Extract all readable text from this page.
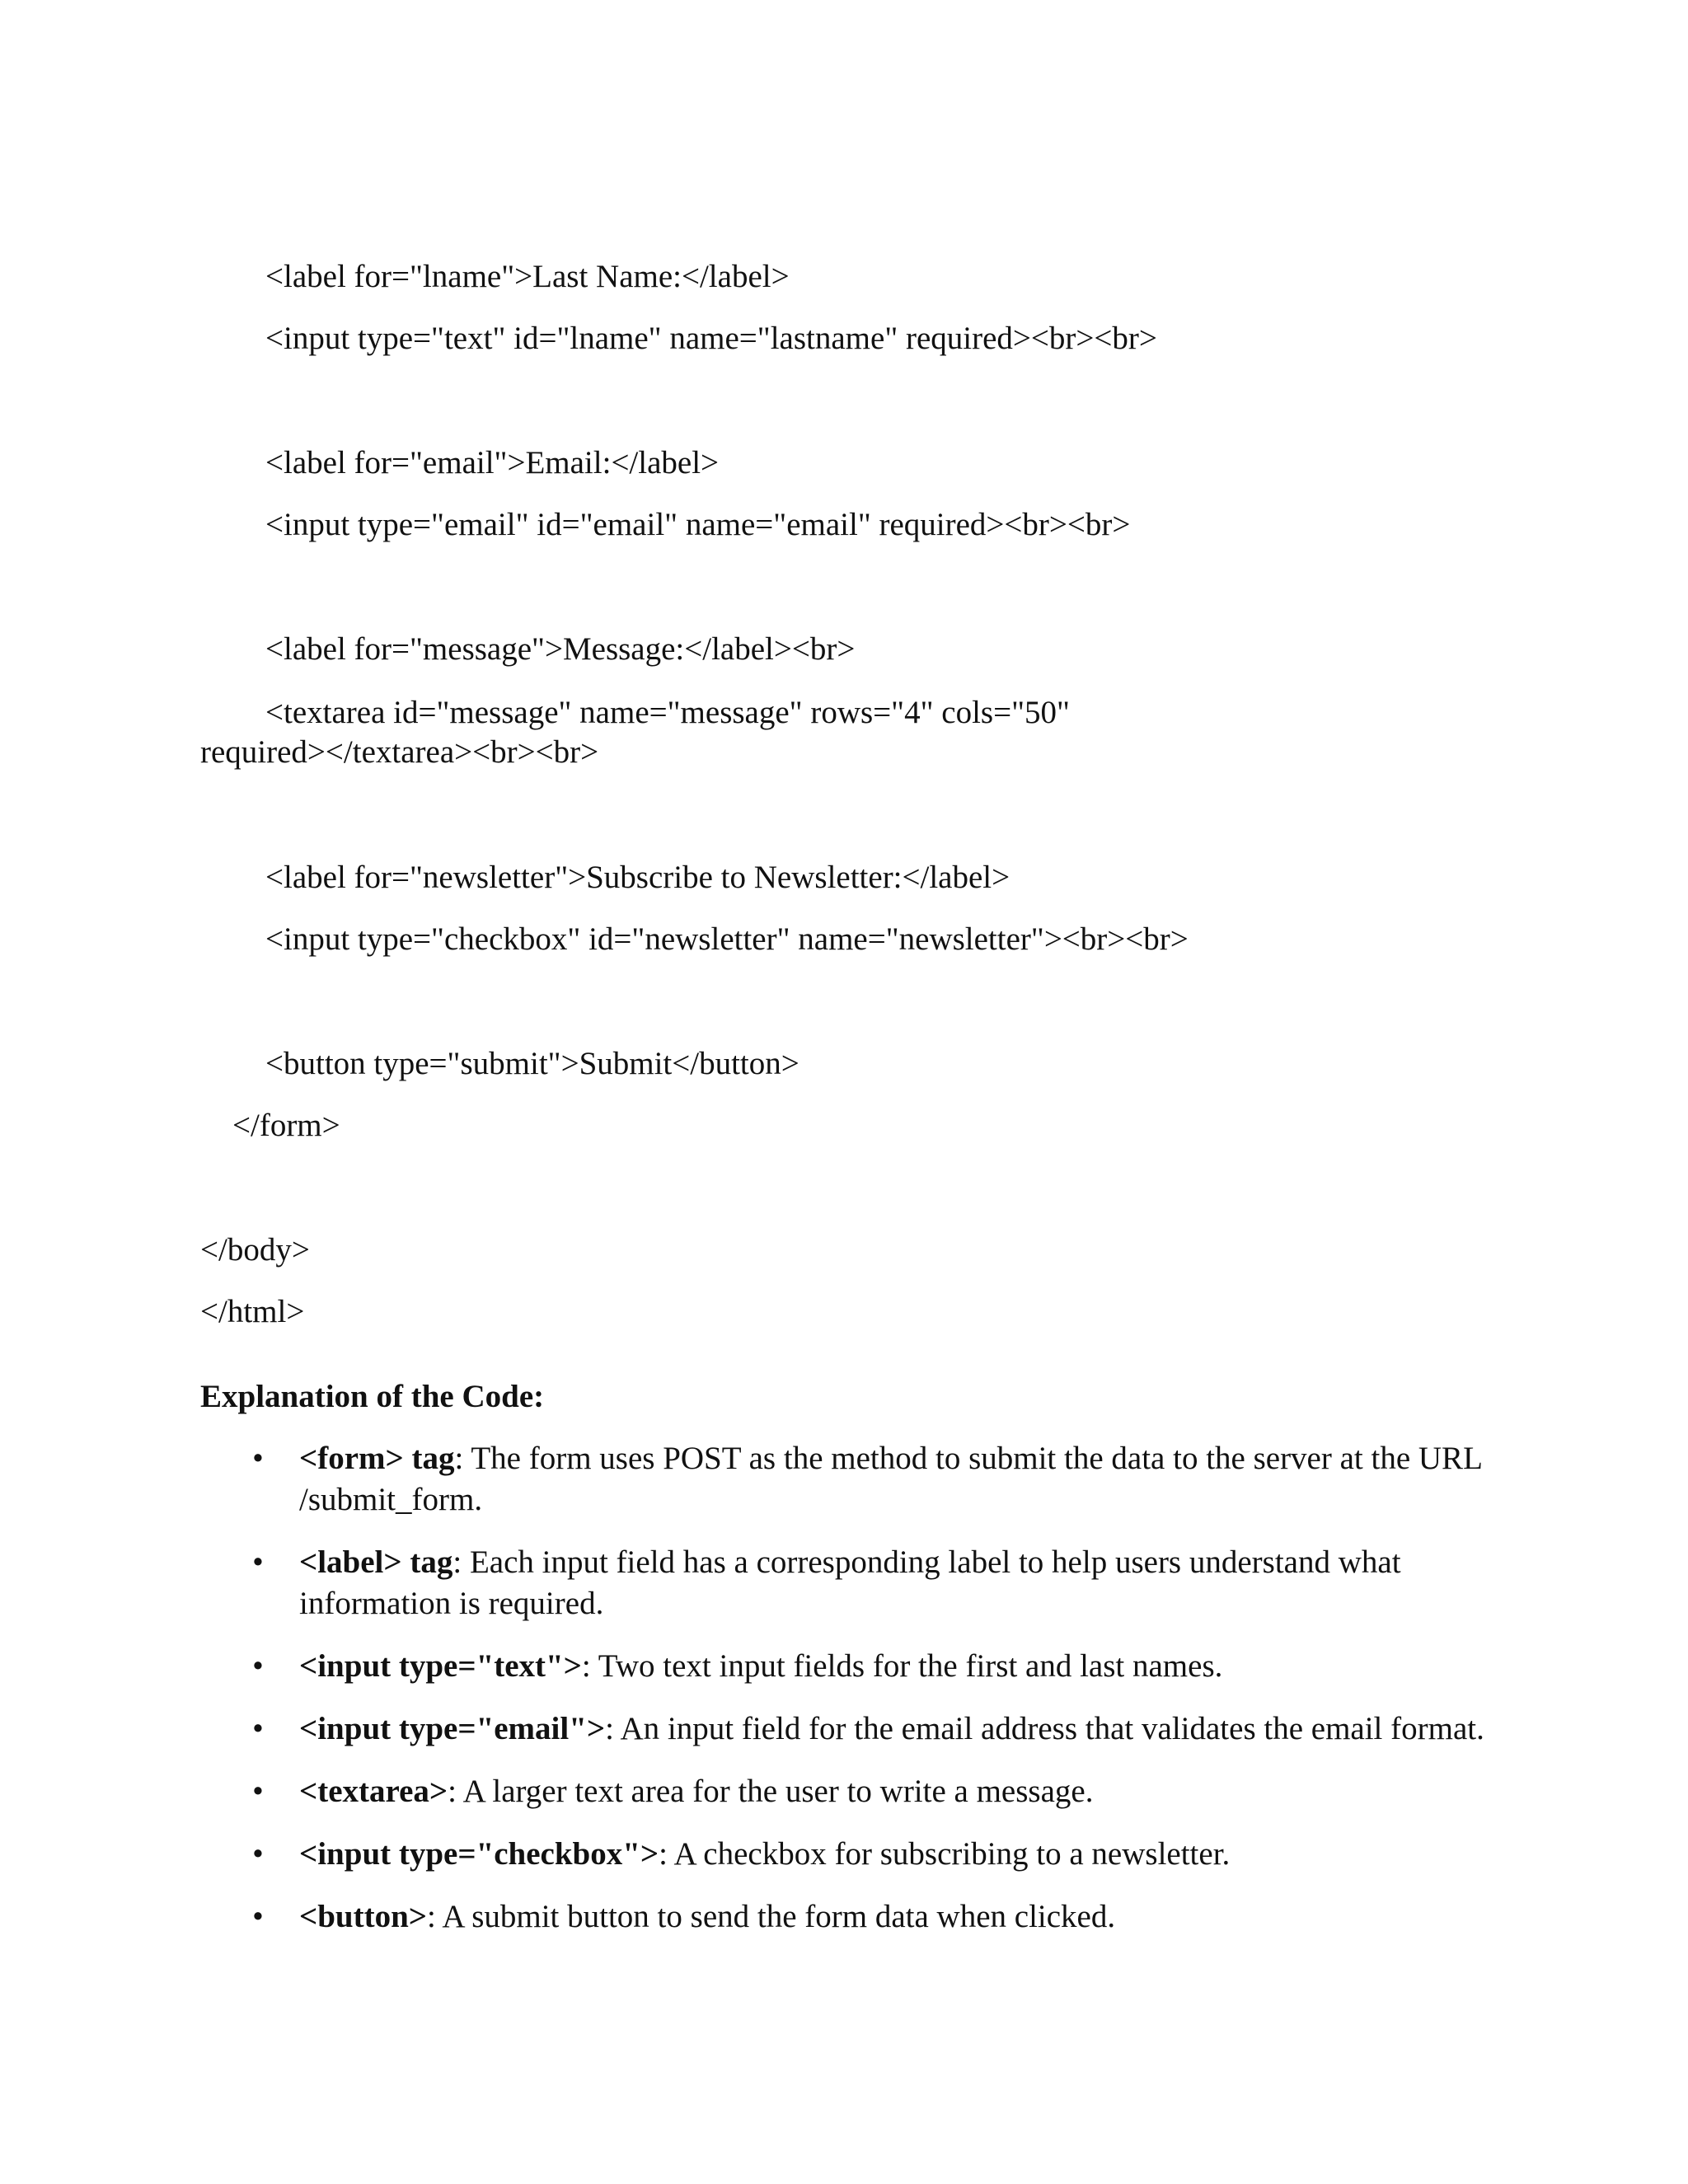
<label for="lname">Last Name:</label>

<input type="text" id="lname" name="lastname" required><br><br>

<label for="email">Email:</label>

<input type="email" id="email" name="email" required><br><br>

<label for="message">Message:</label><br>

<textarea id="message" name="message" rows="4" cols="50"

required></textarea><br><br>

<label for="newsletter">Subscribe to Newsletter:</label>

<input type="checkbox" id="newsletter" name="newsletter"><br><br>

<button type="submit">Submit</button>

</form>

</body>

</html>

Explanation of the Code:
• <form> tag: The form uses POST as the method to submit the data to the server at the URL /submit_form.
• <label> tag: Each input field has a corresponding label to help users understand what information is required.
• <input type="text">: Two text input fields for the first and last names.
• <input type="email">: An input field for the email address that validates the email format.
• <textarea>: A larger text area for the user to write a message.
• <input type="checkbox">: A checkbox for subscribing to a newsletter.
• <button>: A submit button to send the form data when clicked.
